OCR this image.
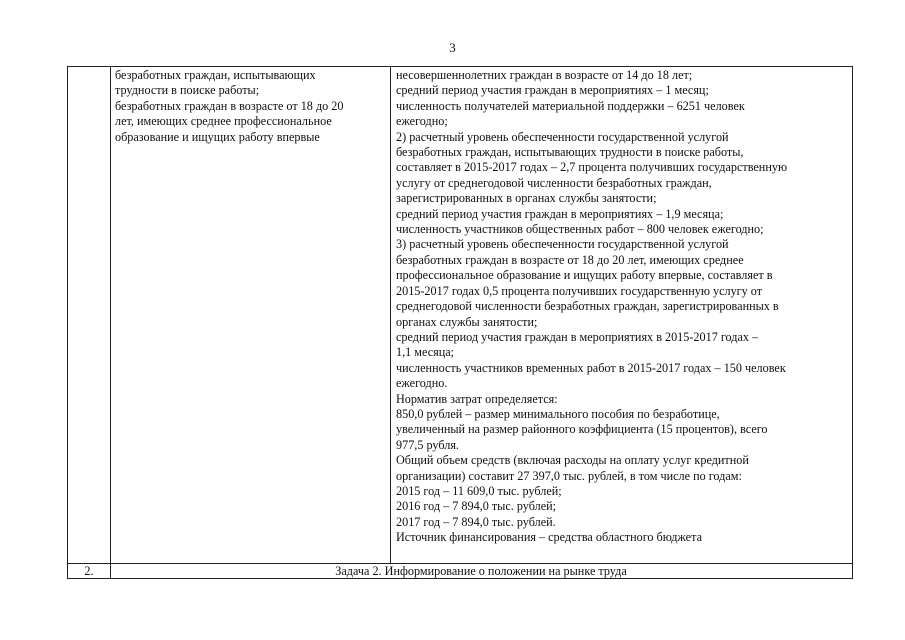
3
безработных граждан, испытывающих
трудности в поиске работы;
безработных граждан в возрасте от 18 до 20
лет, имеющих среднее профессиональное
образование и ищущих работу впервые
несовершеннолетних граждан в возрасте от 14 до 18 лет;
средний период участия граждан в мероприятиях – 1 месяц;
численность получателей материальной поддержки – 6251 человек
ежегодно;
2) расчетный уровень обеспеченности государственной услугой
безработных граждан, испытывающих трудности в поиске работы,
составляет в 2015-2017 годах – 2,7 процента получивших государственную
услугу от среднегодовой численности безработных граждан,
зарегистрированных в органах службы занятости;
средний период участия граждан в мероприятиях – 1,9 месяца;
численность участников общественных работ – 800 человек ежегодно;
3) расчетный уровень обеспеченности государственной услугой
безработных граждан в возрасте от 18 до 20 лет, имеющих среднее
профессиональное образование и ищущих работу впервые, составляет в
2015-2017 годах 0,5 процента получивших государственную услугу от
среднегодовой численности безработных граждан, зарегистрированных в
органах службы занятости;
средний период участия граждан в мероприятиях в 2015-2017 годах –
1,1 месяца;
численность участников временных работ в 2015-2017 годах – 150 человек
ежегодно.
Норматив затрат определяется:
850,0 рублей – размер минимального пособия по безработице,
увеличенный на размер районного коэффициента (15 процентов), всего
977,5 рубля.
Общий объем средств (включая расходы на оплату услуг кредитной
организации) составит 27 397,0 тыс. рублей, в том числе по годам:
2015 год – 11 609,0 тыс. рублей;
2016 год – 7 894,0 тыс. рублей;
2017 год – 7 894,0 тыс. рублей.
Источник финансирования – средства областного бюджета
2.	Задача 2. Информирование о положении на рынке труда
